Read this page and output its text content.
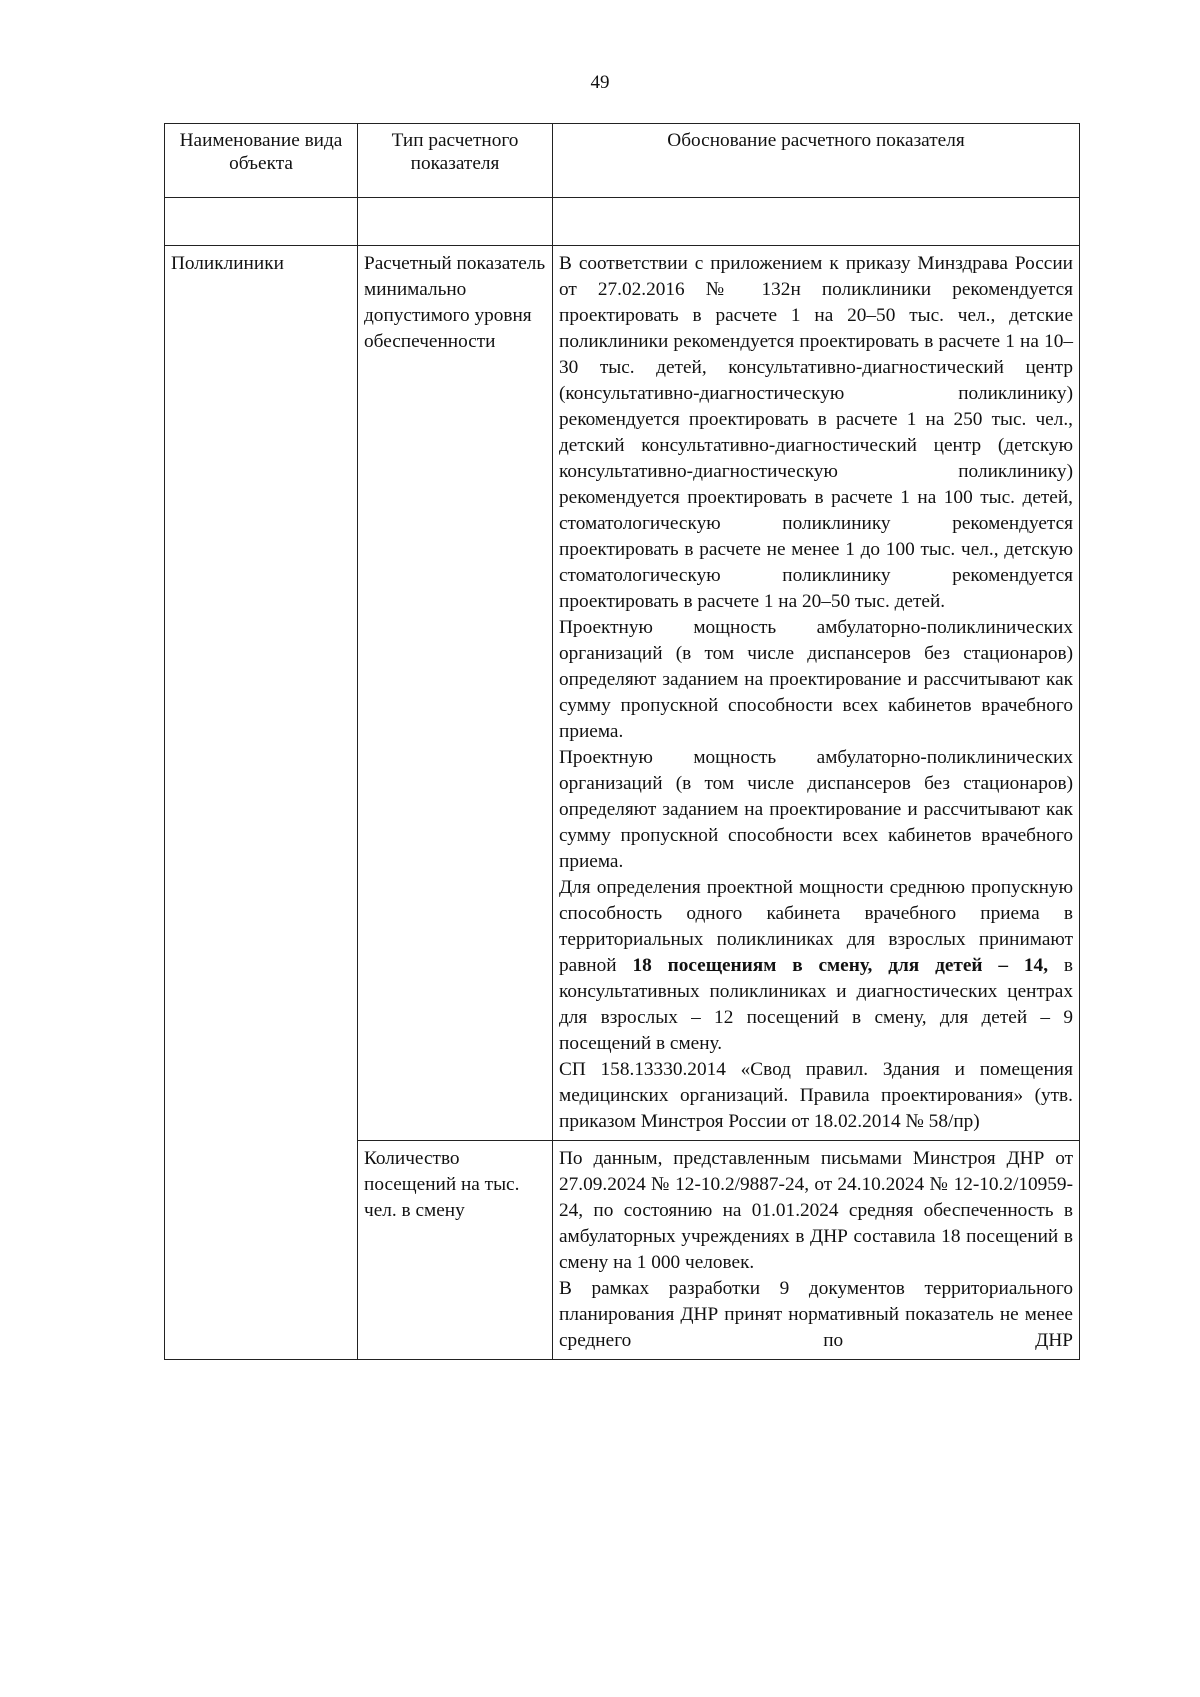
49
Наименование вида объекта	Тип расчетного показателя	Обоснование расчетного показателя

Поликлиники	Расчетный показатель минимально допустимого уровня обеспеченности	В соответствии с приложением к приказу Минздрава России от 27.02.2016 № 132н поликлиники рекомендуется проектировать в расчете 1 на 20–50 тыс. чел., детские поликлиники рекомендуется проектировать в расчете 1 на 10–30 тыс. детей, консультативно-диагностический центр (консультативно-диагностическую поликлинику) рекомендуется проектировать в расчете 1 на 250 тыс. чел., детский консультативно-диагностический центр (детскую консультативно-диагностическую поликлинику) рекомендуется проектировать в расчете 1 на 100 тыс. детей, стоматологическую поликлинику рекомендуется проектировать в расчете не менее 1 до 100 тыс. чел., детскую стоматологическую поликлинику рекомендуется проектировать в расчете 1 на 20–50 тыс. детей.

Проектную мощность амбулаторно-поликлинических организаций (в том числе диспансеров без стационаров) определяют заданием на проектирование и рассчитывают как сумму пропускной способности всех кабинетов врачебного приема.

Проектную мощность амбулаторно-поликлинических организаций (в том числе диспансеров без стационаров) определяют заданием на проектирование и рассчитывают как сумму пропускной способности всех кабинетов врачебного приема.

Для определения проектной мощности среднюю пропускную способность одного кабинета врачебного приема в территориальных поликлиниках для взрослых принимают равной 18 посещениям в смену, для детей – 14, в консультативных поликлиниках и диагностических центрах для взрослых – 12 посещений в смену, для детей – 9 посещений в смену.

СП 158.13330.2014 «Свод правил. Здания и помещения медицинских организаций. Правила проектирования» (утв. приказом Минстроя России от 18.02.2014 № 58/пр)

	Количество посещений на тыс. чел. в смену	По данным, представленным письмами Минстроя ДНР от 27.09.2024 № 12-10.2/9887-24, от 24.10.2024 № 12-10.2/10959-24, по состоянию на 01.01.2024 средняя обеспеченность в амбулаторных учреждениях в ДНР составила 18 посещений в смену на 1 000 человек.

В рамках разработки 9 документов территориального планирования ДНР принят нормативный показатель не менее среднего по ДНР
